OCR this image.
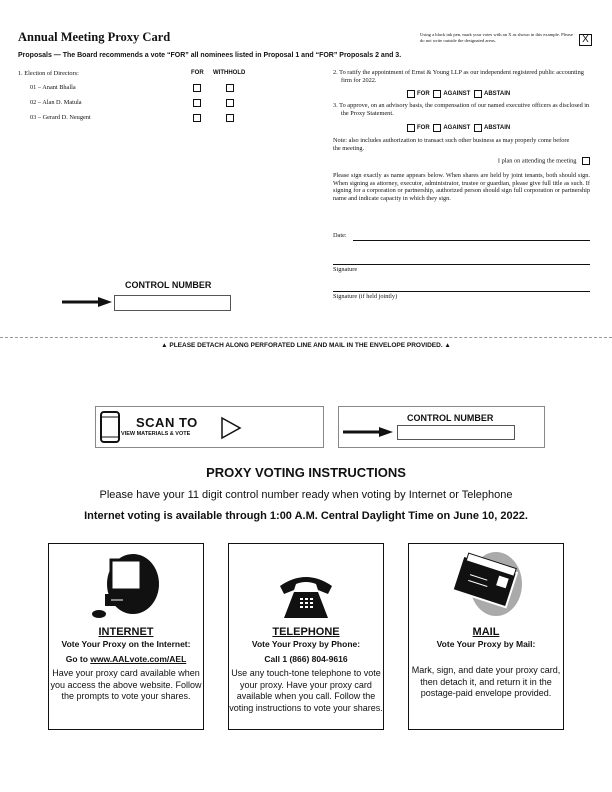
Annual Meeting Proxy Card	Using a black ink pen, mark your votes with an X as shown in this example. Please do not write outside the designated areas.	X
Proposals — The Board recommends a vote “FOR” all nominees listed in Proposal 1 and “FOR” Proposals 2 and 3.
1. Election of Directors:	FOR WITHHOLD
01 – Anant Bhalla
02 – Alan D. Matula
03 – Gerard D. Neugent
2. To ratify the appointment of Ernst & Young LLP as our independent registered public accounting firm for 2022.
FOR AGAINST ABSTAIN
3. To approve, on an advisory basis, the compensation of our named executive officers as disclosed in the Proxy Statement.
FOR AGAINST ABSTAIN
Note: also includes authorization to transact such other business as may properly come before the meeting.
I plan on attending the meeting
Please sign exactly as name appears below. When shares are held by joint tenants, both should sign. When signing as attorney, executor, administrator, trustee or guardian, please give full title as such. If signing for a corporation or partnership, authorized person should sign full corporation or partnership name and indicate capacity in which they sign.
Date:
Signature
Signature (if held jointly)
CONTROL NUMBER
▲ PLEASE DETACH ALONG PERFORATED LINE AND MAIL IN THE ENVELOPE PROVIDED. ▲
SCAN TO
VIEW MATERIALS & VOTE
CONTROL NUMBER
PROXY VOTING INSTRUCTIONS
Please have your 11 digit control number ready when voting by Internet or Telephone
Internet voting is available through 1:00 A.M. Central Daylight Time on June 10, 2022.
INTERNET
Vote Your Proxy on the Internet:
Go to www.AALvote.com/AEL
Have your proxy card available when you access the above website. Follow the prompts to vote your shares.
TELEPHONE
Vote Your Proxy by Phone:
Call 1 (866) 804-9616
Use any touch-tone telephone to vote your proxy. Have your proxy card available when you call. Follow the voting instructions to vote your shares.
MAIL
Vote Your Proxy by Mail:
Mark, sign, and date your proxy card, then detach it, and return it in the postage-paid envelope provided.
